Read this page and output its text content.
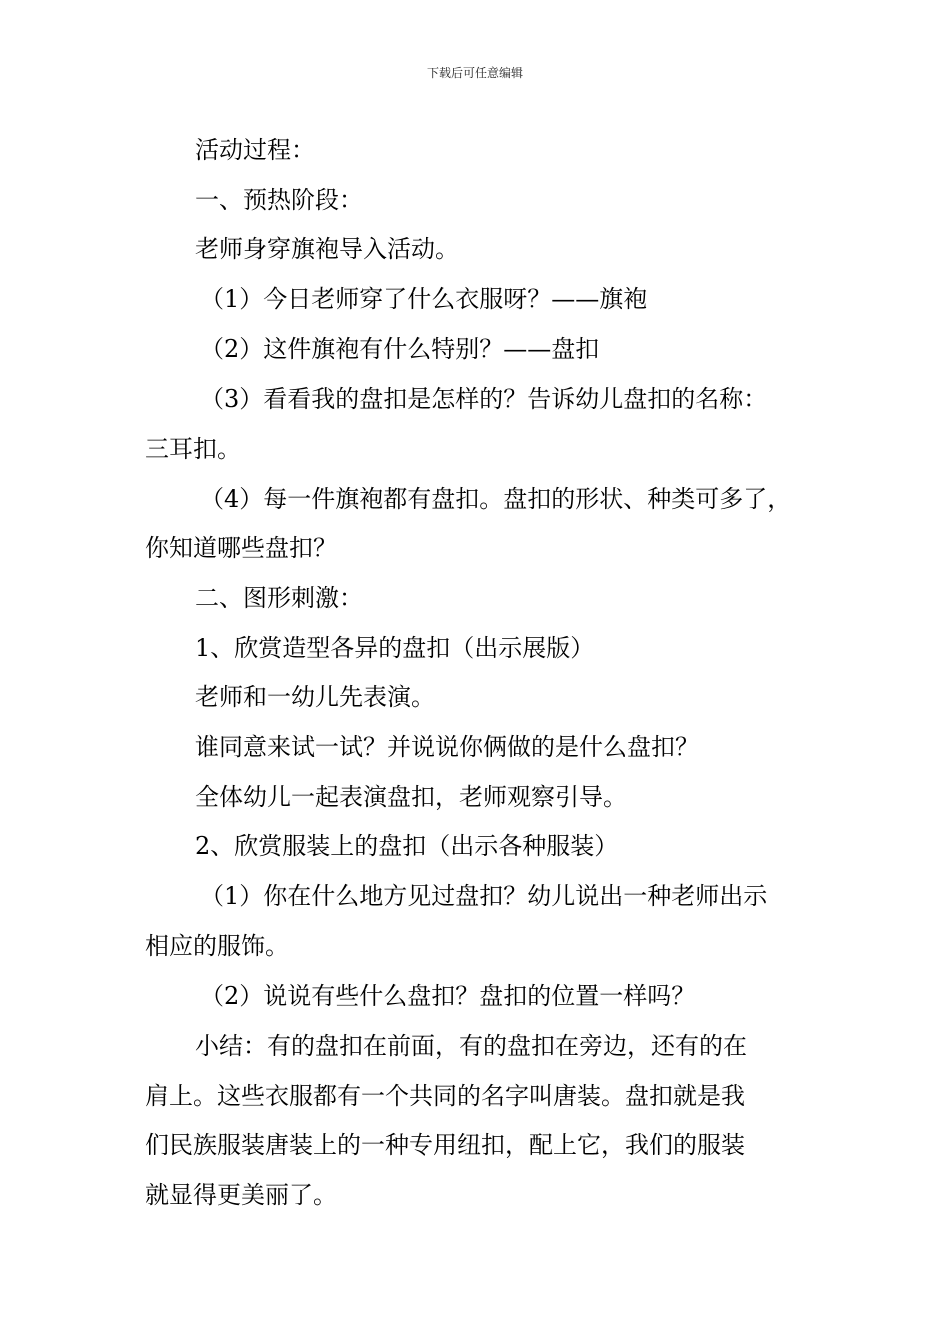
下载后可任意编辑
活动过程：
一、预热阶段：
老师身穿旗袍导入活动。
（1）今日老师穿了什么衣服呀？——旗袍
（2）这件旗袍有什么特别？——盘扣
（3）看看我的盘扣是怎样的？告诉幼儿盘扣的名称：
三耳扣。
（4）每一件旗袍都有盘扣。盘扣的形状、种类可多了，
你知道哪些盘扣？
二、图形刺激：
1、欣赏造型各异的盘扣（出示展版）
老师和一幼儿先表演。
谁同意来试一试？并说说你俩做的是什么盘扣？
全体幼儿一起表演盘扣，老师观察引导。
2、欣赏服装上的盘扣（出示各种服装）
（1）你在什么地方见过盘扣？幼儿说出一种老师出示
相应的服饰。
（2）说说有些什么盘扣？盘扣的位置一样吗？
小结：有的盘扣在前面，有的盘扣在旁边，还有的在
肩上。这些衣服都有一个共同的名字叫唐装。盘扣就是我
们民族服装唐装上的一种专用纽扣，配上它，我们的服装
就显得更美丽了。
